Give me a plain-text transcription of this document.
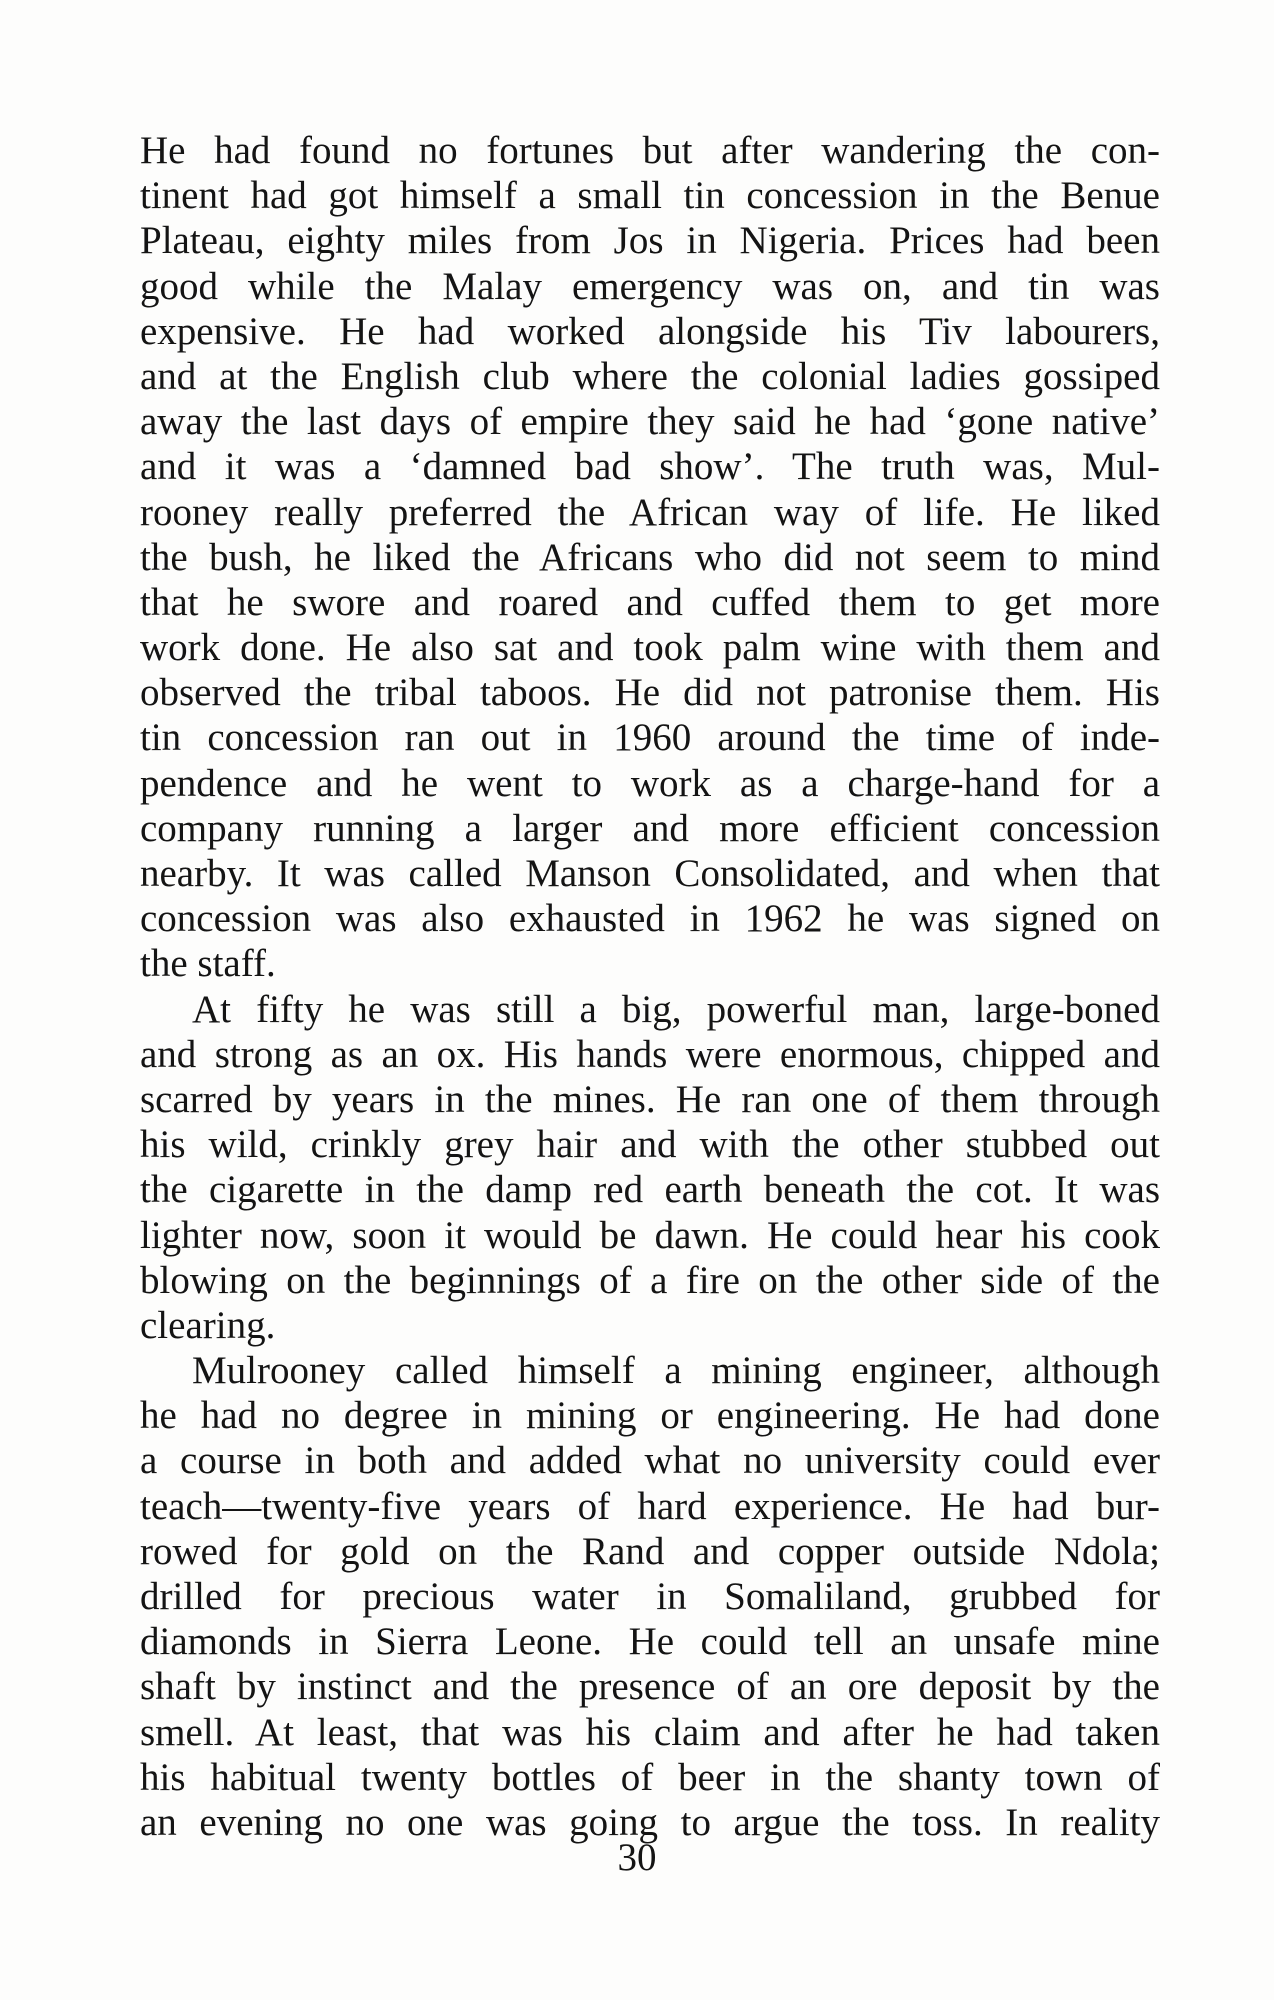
He had found no fortunes but after wandering the con-
tinent had got himself a small tin concession in the Benue
Plateau, eighty miles from Jos in Nigeria. Prices had been
good while the Malay emergency was on, and tin was
expensive. He had worked alongside his Tiv labourers,
and at the English club where the colonial ladies gossiped
away the last days of empire they said he had ‘gone native’
and it was a ‘damned bad show’. The truth was, Mul-
rooney really preferred the African way of life. He liked
the bush, he liked the Africans who did not seem to mind
that he swore and roared and cuffed them to get more
work done. He also sat and took palm wine with them and
observed the tribal taboos. He did not patronise them. His
tin concession ran out in 1960 around the time of inde-
pendence and he went to work as a charge-hand for a
company running a larger and more efficient concession
nearby. It was called Manson Consolidated, and when that
concession was also exhausted in 1962 he was signed on
the staff.
At fifty he was still a big, powerful man, large-boned
and strong as an ox. His hands were enormous, chipped and
scarred by years in the mines. He ran one of them through
his wild, crinkly grey hair and with the other stubbed out
the cigarette in the damp red earth beneath the cot. It was
lighter now, soon it would be dawn. He could hear his cook
blowing on the beginnings of a fire on the other side of the
clearing.
Mulrooney called himself a mining engineer, although
he had no degree in mining or engineering. He had done
a course in both and added what no university could ever
teach—twenty-five years of hard experience. He had bur-
rowed for gold on the Rand and copper outside Ndola;
drilled for precious water in Somaliland, grubbed for
diamonds in Sierra Leone. He could tell an unsafe mine
shaft by instinct and the presence of an ore deposit by the
smell. At least, that was his claim and after he had taken
his habitual twenty bottles of beer in the shanty town of
an evening no one was going to argue the toss. In reality
30
